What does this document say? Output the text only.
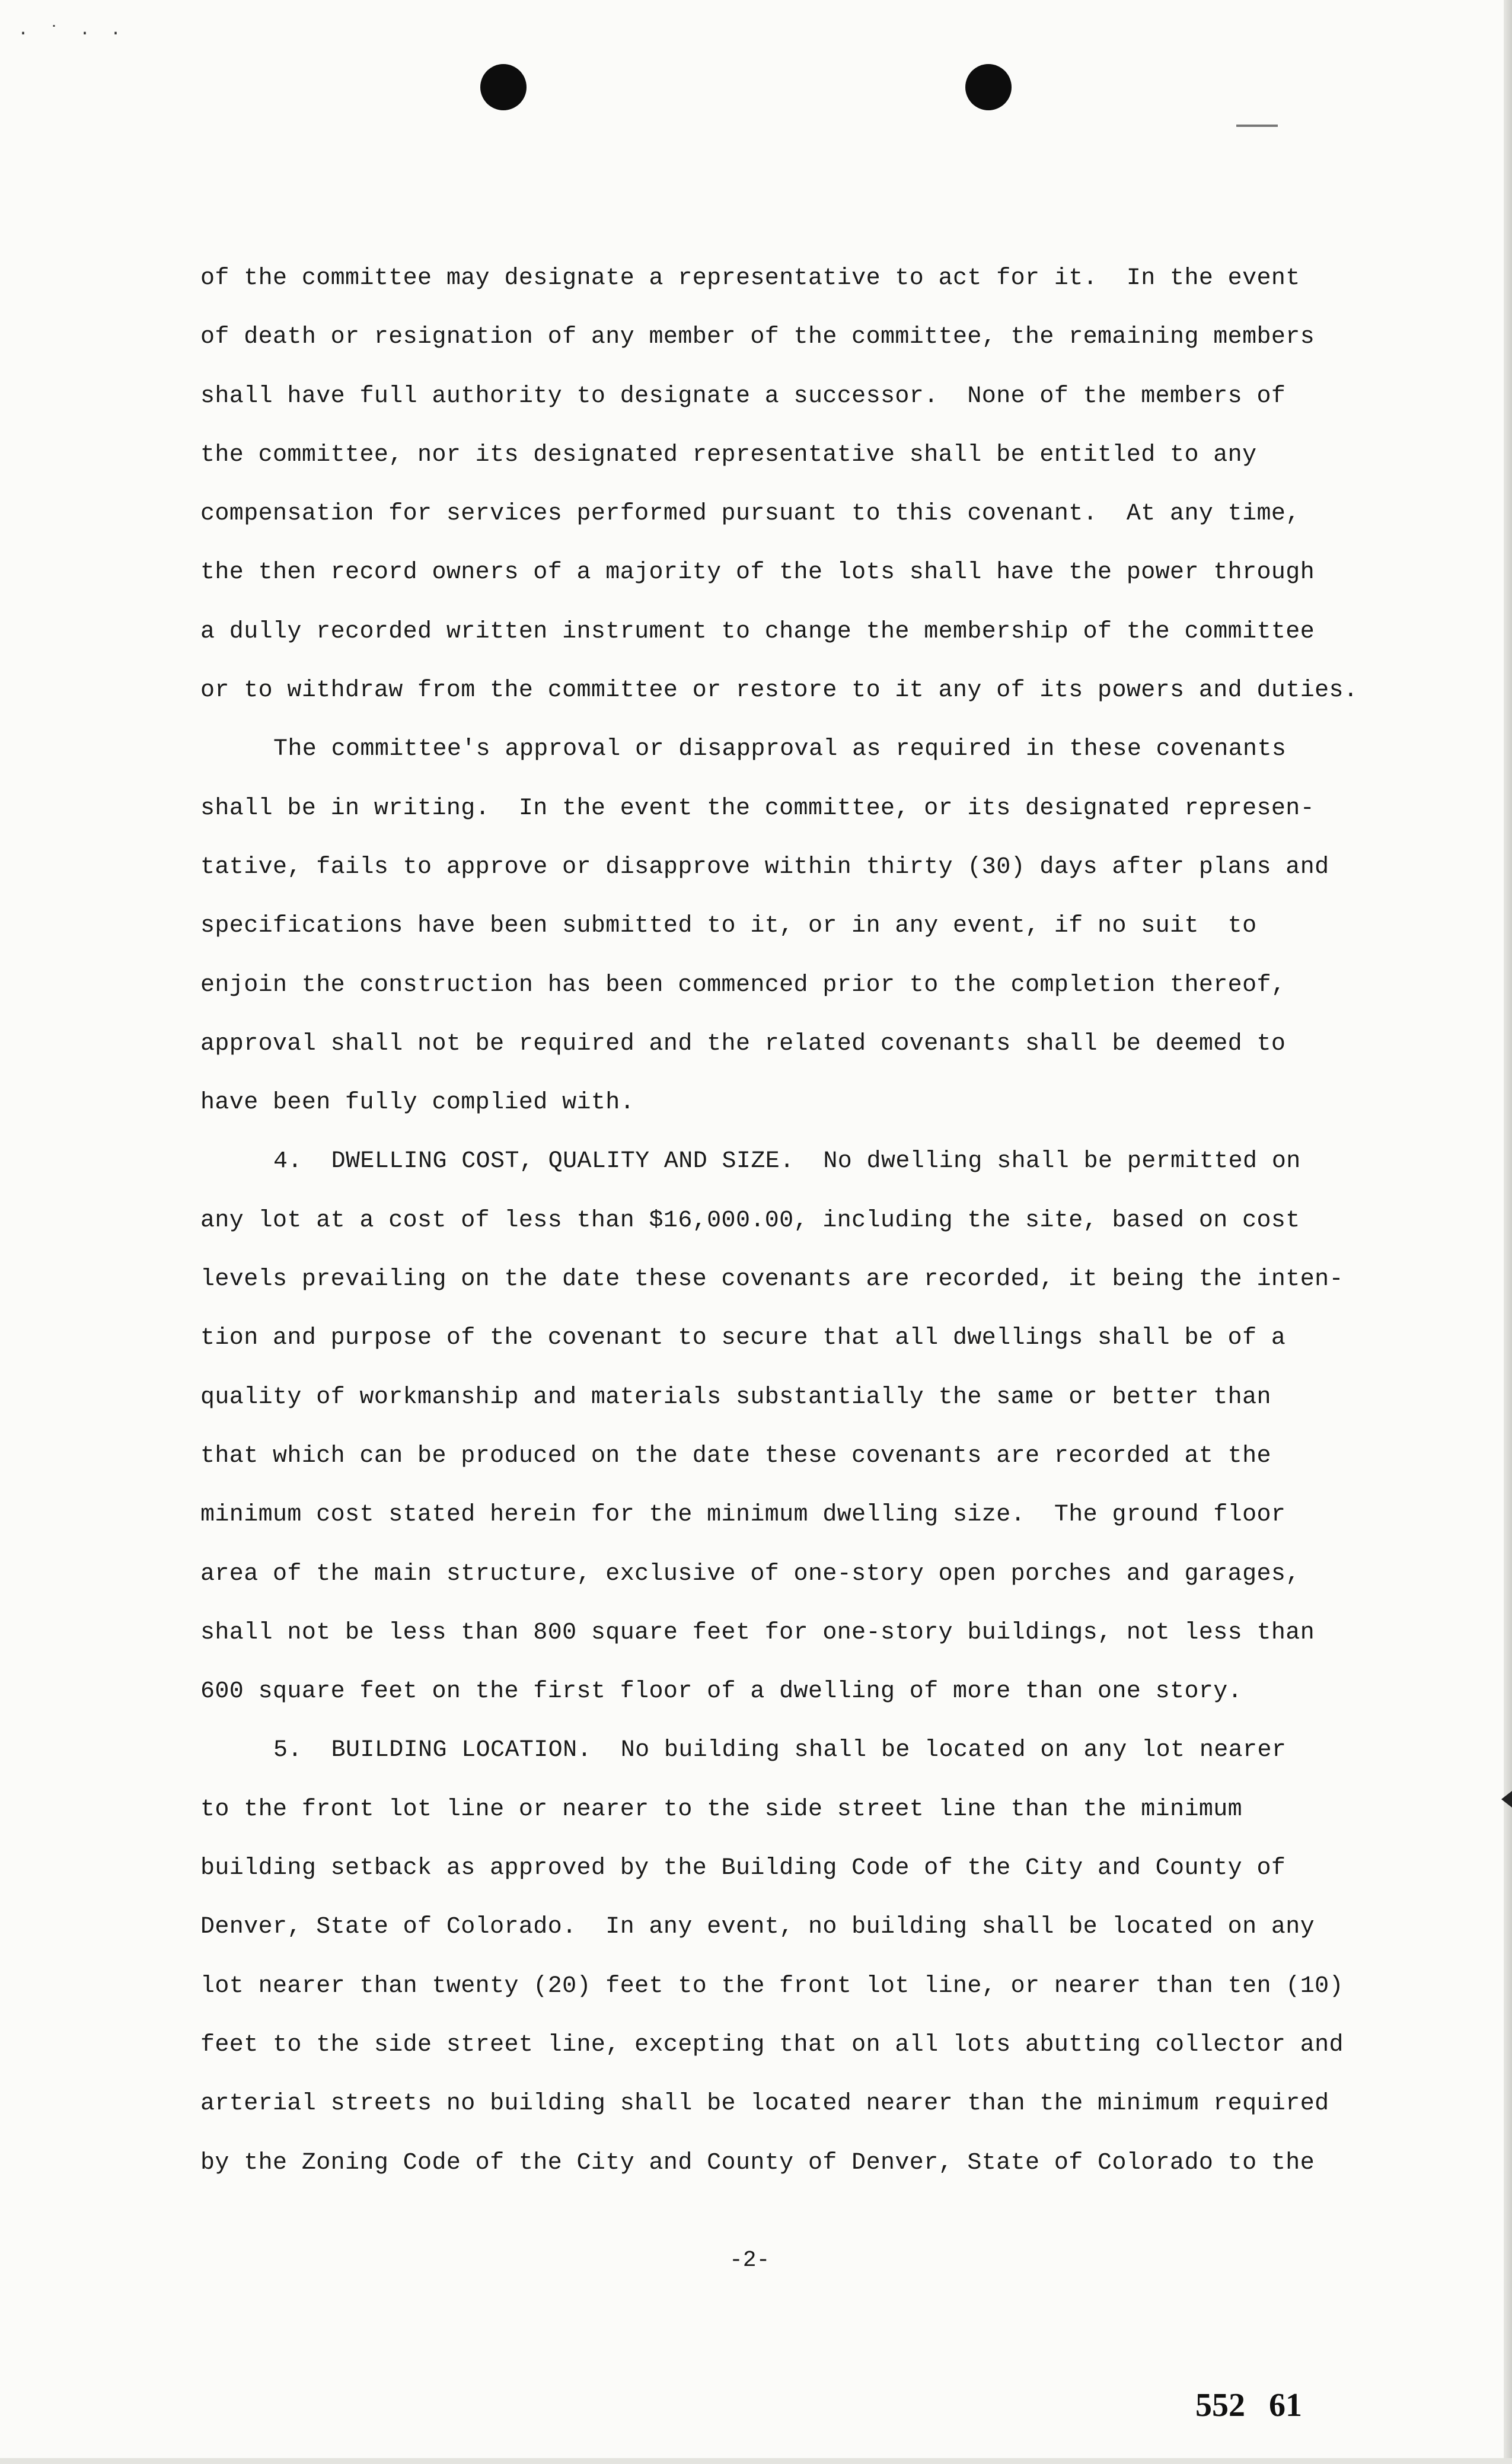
· ˙ · ·
of the committee may designate a representative to act for it.  In the event
of death or resignation of any member of the committee, the remaining members
shall have full authority to designate a successor.  None of the members of
the committee, nor its designated representative shall be entitled to any
compensation for services performed pursuant to this covenant.  At any time,
the then record owners of a majority of the lots shall have the power through
a dully recorded written instrument to change the membership of the committee
or to withdraw from the committee or restore to it any of its powers and duties.
The committee's approval or disapproval as required in these covenants
shall be in writing.  In the event the committee, or its designated represen-
tative, fails to approve or disapprove within thirty (30) days after plans and
specifications have been submitted to it, or in any event, if no suit  to
enjoin the construction has been commenced prior to the completion thereof,
approval shall not be required and the related covenants shall be deemed to
have been fully complied with.
4.  DWELLING COST, QUALITY AND SIZE.  No dwelling shall be permitted on
any lot at a cost of less than $16,000.00, including the site, based on cost
levels prevailing on the date these covenants are recorded, it being the inten-
tion and purpose of the covenant to secure that all dwellings shall be of a
quality of workmanship and materials substantially the same or better than
that which can be produced on the date these covenants are recorded at the
minimum cost stated herein for the minimum dwelling size.  The ground floor
area of the main structure, exclusive of one-story open porches and garages,
shall not be less than 800 square feet for one-story buildings, not less than
600 square feet on the first floor of a dwelling of more than one story.
5.  BUILDING LOCATION.  No building shall be located on any lot nearer
to the front lot line or nearer to the side street line than the minimum
building setback as approved by the Building Code of the City and County of
Denver, State of Colorado.  In any event, no building shall be located on any
lot nearer than twenty (20) feet to the front lot line, or nearer than ten (10)
feet to the side street line, excepting that on all lots abutting collector and
arterial streets no building shall be located nearer than the minimum required
by the Zoning Code of the City and County of Denver, State of Colorado to the
-2-

552 61
